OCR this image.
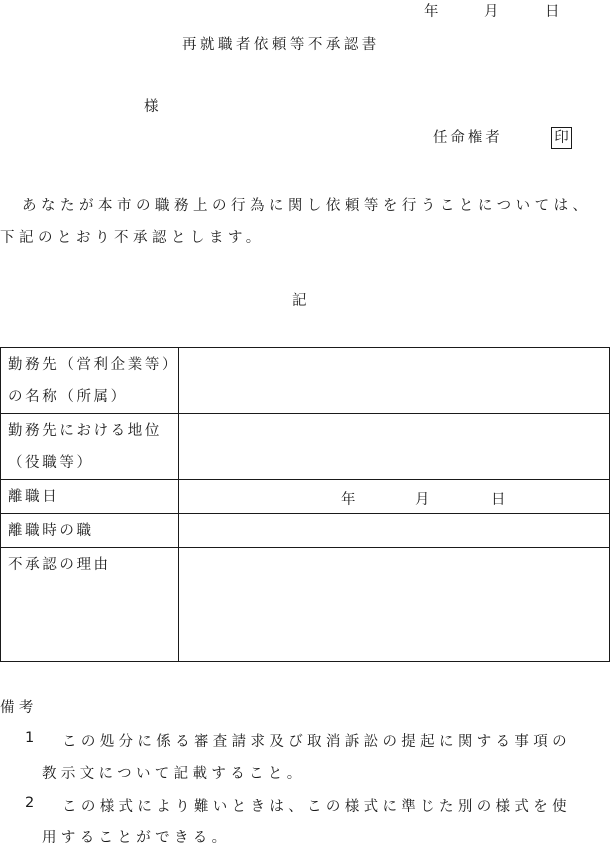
年	月	日
再就職者依頼等不承認書
様
任命権者	印
あなたが本市の職務上の行為に関し依頼等を行うことについては、
下記のとおり不承認とします。
記
勤務先（営利企業等）
の名称（所属）	

勤務先における地位
（役職等）	

離職日	年 月 日

離職時の職	
不承認の理由	
備考
1 この処分に係る審査請求及び取消訴訟の提起に関する事項の
教示文について記載すること。
2 この様式により難いときは、この様式に準じた別の様式を使
用することができる。
